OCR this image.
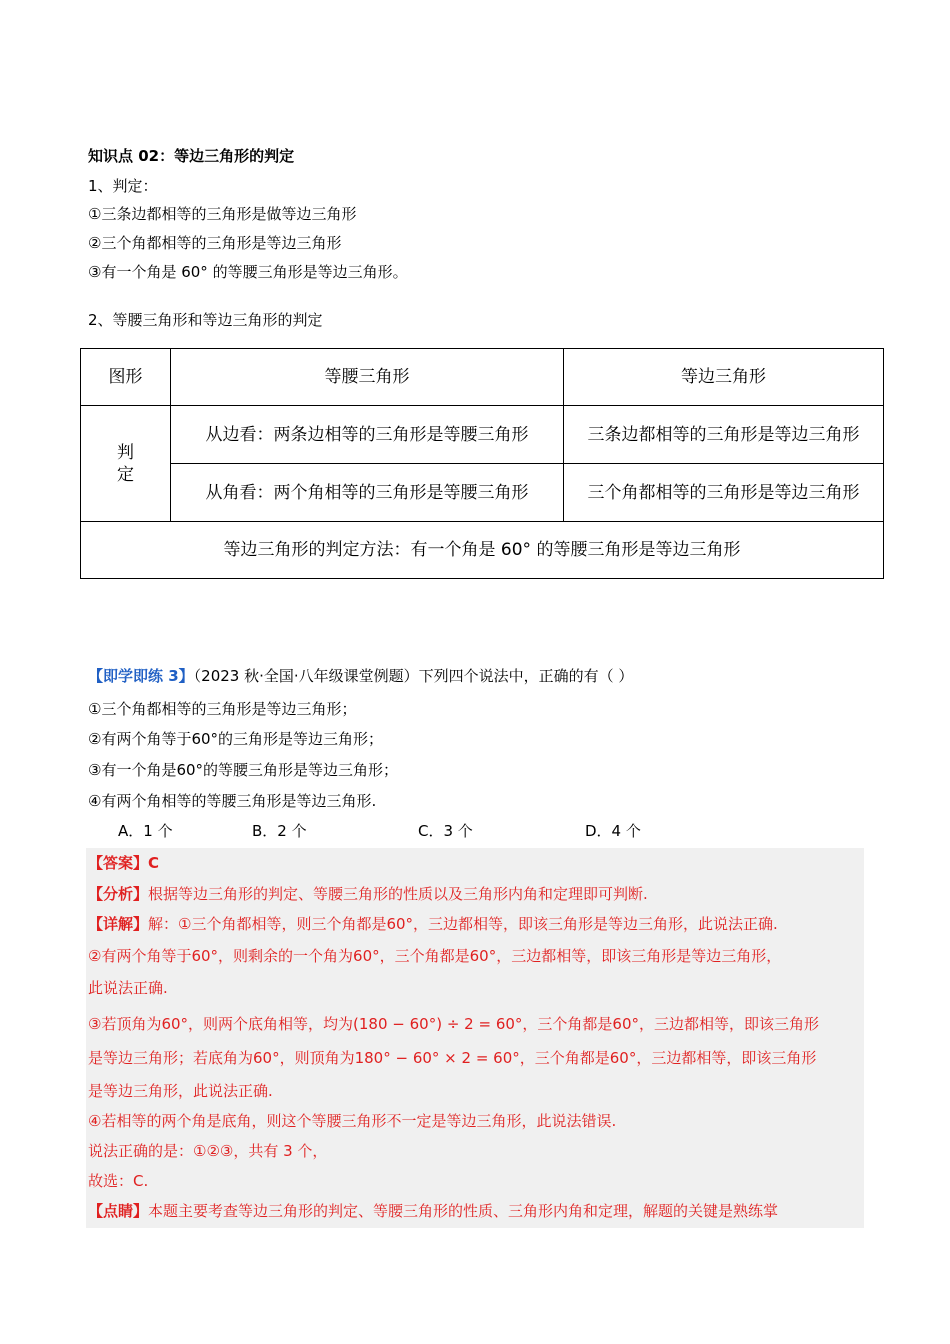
知识点 02：等边三角形的判定
1、判定：
①三条边都相等的三角形是做等边三角形
②三个角都相等的三角形是等边三角形
③有一个角是 60° 的等腰三角形是等边三角形。
2、等腰三角形和等边三角形的判定
图形	等腰三角形	等边三角形

判定	从边看：两条边相等的三角形是等腰三角形	三条边都相等的三角形是等边三角形
	从角看：两个角相等的三角形是等腰三角形	三个角都相等的三角形是等边三角形
等边三角形的判定方法：有一个角是 60° 的等腰三角形是等边三角形		
【即学即练 3】（2023 秋·全国·八年级课堂例题）下列四个说法中，正确的有（ ）
①三个角都相等的三角形是等边三角形；
②有两个角等于60°的三角形是等边三角形；
③有一个角是60°的等腰三角形是等边三角形；
④有两个角相等的等腰三角形是等边三角形.
A．1 个	B．2 个	C．3 个	D．4 个
【答案】C
【分析】根据等边三角形的判定、等腰三角形的性质以及三角形内角和定理即可判断.
【详解】解：①三个角都相等，则三个角都是60°，三边都相等，即该三角形是等边三角形，此说法正确.
②有两个角等于60°，则剩余的一个角为60°，三个角都是60°，三边都相等，即该三角形是等边三角形，
此说法正确.
③若顶角为60°，则两个底角相等，均为(180 − 60°) ÷ 2 = 60°，三个角都是60°，三边都相等，即该三角形
是等边三角形；若底角为60°，则顶角为180° − 60° × 2 = 60°，三个角都是60°，三边都相等，即该三角形
是等边三角形，此说法正确.
④若相等的两个角是底角，则这个等腰三角形不一定是等边三角形，此说法错误.
说法正确的是：①②③，共有 3 个，
故选：C.
【点睛】本题主要考查等边三角形的判定、等腰三角形的性质、三角形内角和定理，解题的关键是熟练掌
